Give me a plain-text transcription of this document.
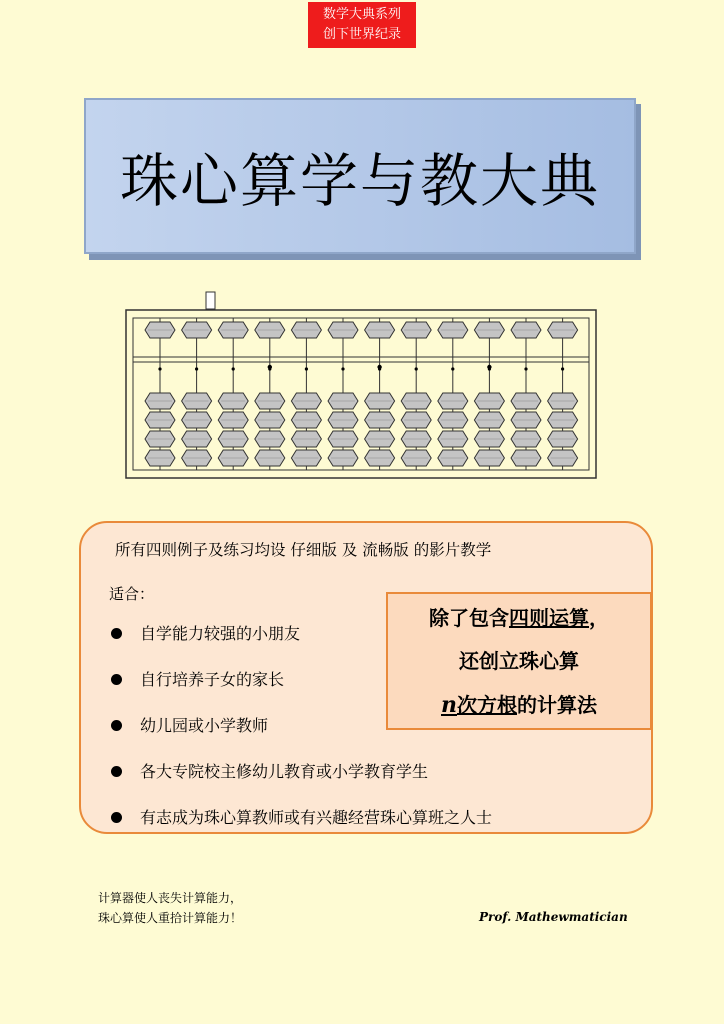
数学大典系列
创下世界纪录
珠心算学与教大典
所有四则例子及练习均设 仔细版 及 流畅版 的影片教学
适合：
自学能力较强的小朋友
自行培养子女的家长
幼儿园或小学教师
各大专院校主修幼儿教育或小学教育学生
有志成为珠心算教师或有兴趣经营珠心算班之人士
除了包含四则运算，
还创立珠心算
n次方根的计算法
计算器使人丧失计算能力，
珠心算使人重拾计算能力！	Prof. Mathewmatician
